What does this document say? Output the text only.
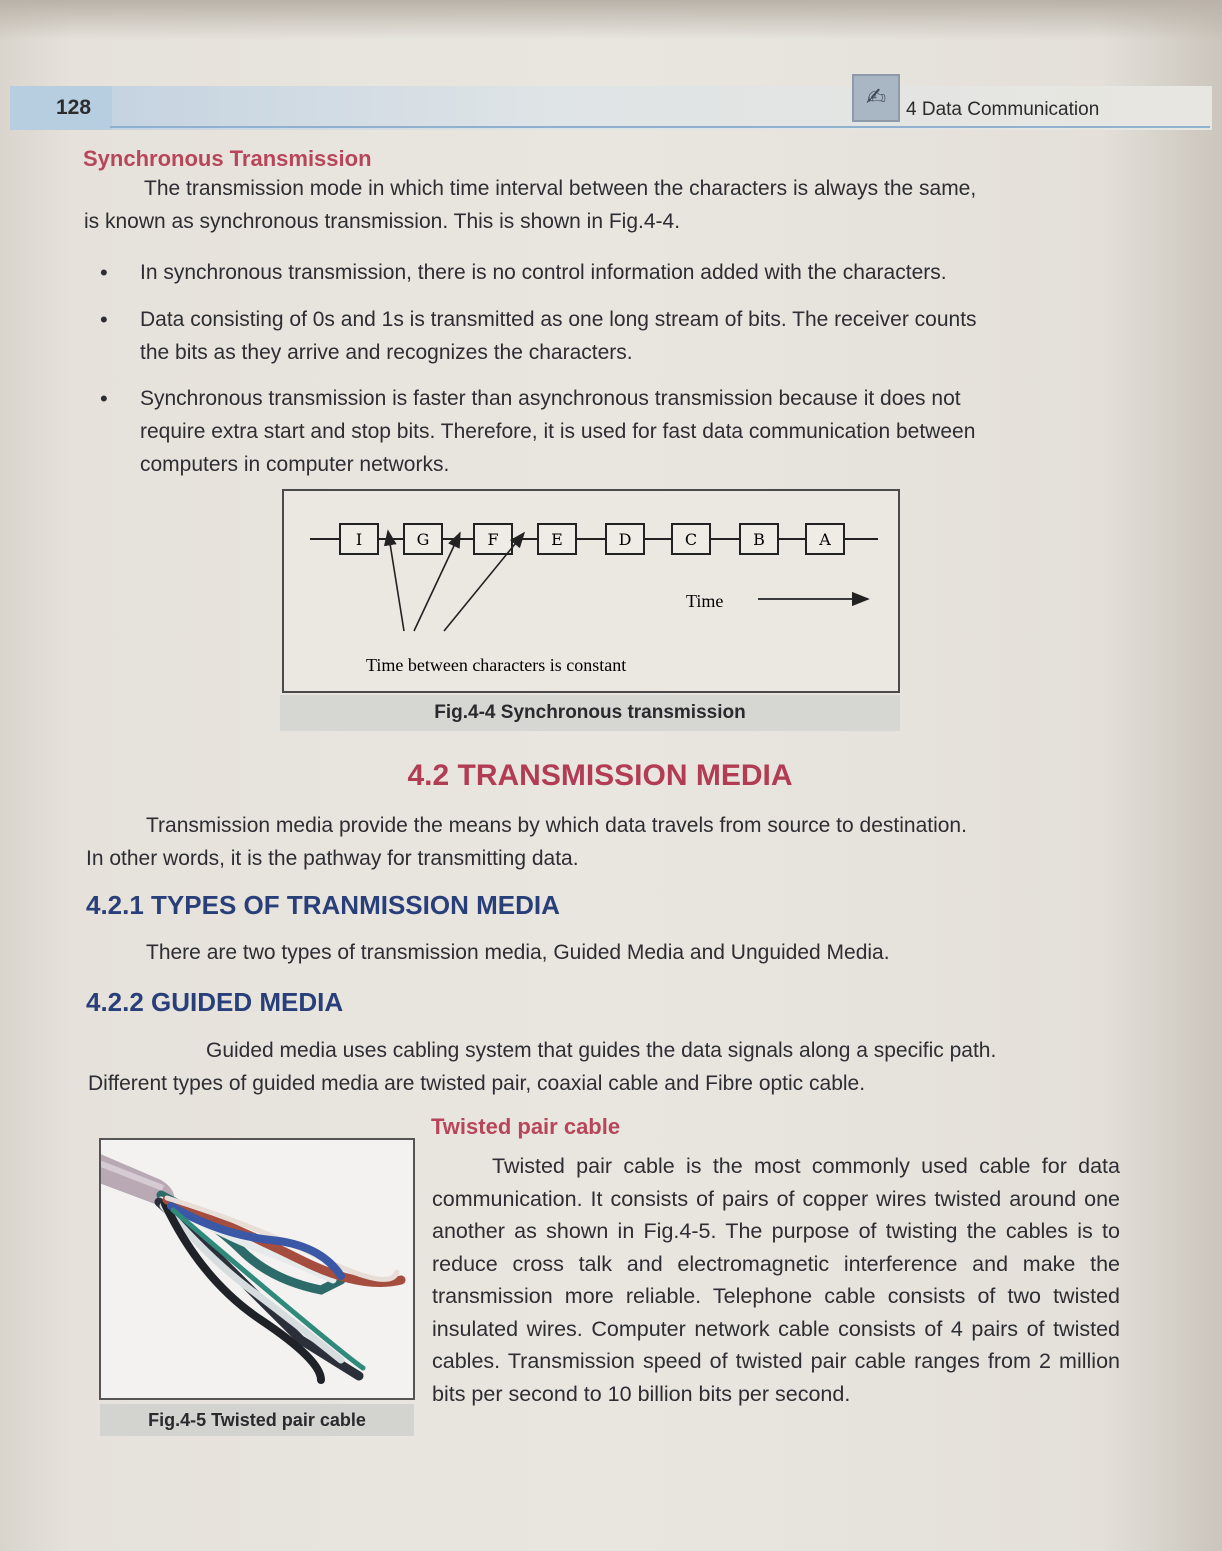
128	✍	4 Data Communication
Synchronous Transmission
The transmission mode in which time interval between the characters is always the same,
is known as synchronous transmission. This is shown in Fig.4-4.
• In synchronous transmission, there is no control information added with the characters.
• Data consisting of 0s and 1s is transmitted as one long stream of bits. The receiver counts
the bits as they arrive and recognizes the characters.
• Synchronous transmission is faster than asynchronous transmission because it does not
require extra start and stop bits. Therefore, it is used for fast data communication between
computers in computer networks.
I	G	F	E	D	C	B	A
Time
Time between characters is constant
Fig.4-4 Synchronous transmission
4.2 TRANSMISSION MEDIA
Transmission media provide the means by which data travels from source to destination.
In other words, it is the pathway for transmitting data.
4.2.1 TYPES OF TRANMISSION MEDIA
There are two types of transmission media, Guided Media and Unguided Media.
4.2.2 GUIDED MEDIA
Guided media uses cabling system that guides the data signals along a specific path.
Different types of guided media are twisted pair, coaxial cable and Fibre optic cable.
Fig.4-5 Twisted pair cable
Twisted pair cable
Twisted pair cable is the most commonly used cable for data communication. It consists of pairs of copper wires twisted around one another as shown in Fig.4-5. The purpose of twisting the cables is to reduce cross talk and electromagnetic interference and make the transmission more reliable. Telephone cable consists of two twisted insulated wires. Computer network cable consists of 4 pairs of twisted cables. Transmission speed of twisted pair cable ranges from 2 million bits per second to 10 billion bits per second.
